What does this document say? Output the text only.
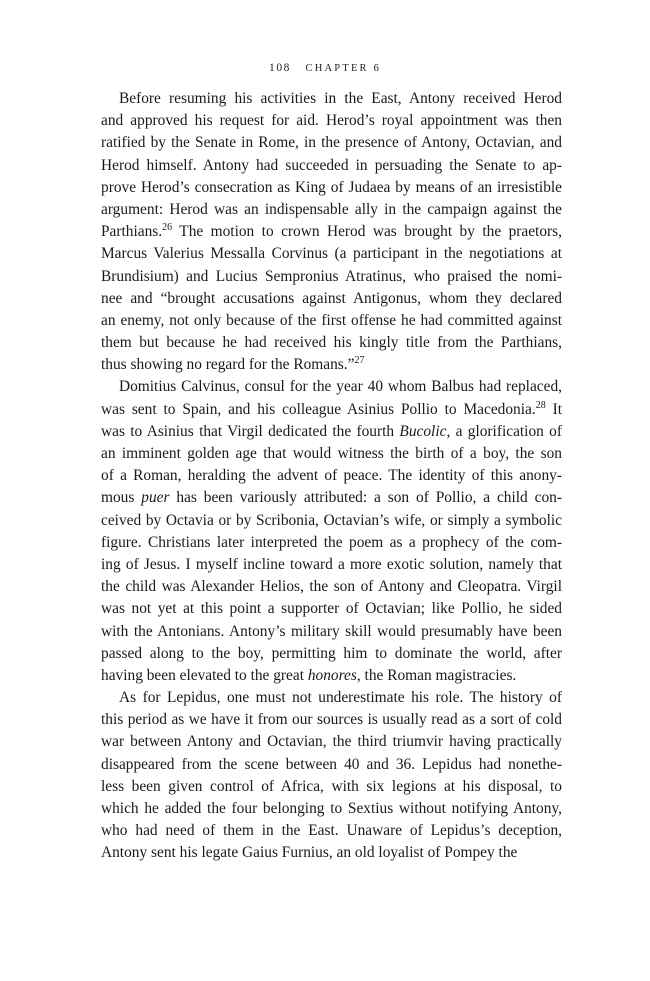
108 CHAPTER 6
Before resuming his activities in the East, Antony received Herod
and approved his request for aid. Herod’s royal appointment was then
ratified by the Senate in Rome, in the presence of Antony, Octavian, and
Herod himself. Antony had succeeded in persuading the Senate to ap-
prove Herod’s consecration as King of Judaea by means of an irresistible
argument: Herod was an indispensable ally in the campaign against the
Parthians.$^{26}$ The motion to crown Herod was brought by the praetors,
Marcus Valerius Messalla Corvinus (a participant in the negotiations at
Brundisium) and Lucius Sempronius Atratinus, who praised the nomi-
nee and “brought accusations against Antigonus, whom they declared
an enemy, not only because of the first offense he had committed against
them but because he had received his kingly title from the Parthians,
thus showing no regard for the Romans.”$^{27}$
Domitius Calvinus, consul for the year 40 whom Balbus had replaced,
was sent to Spain, and his colleague Asinius Pollio to Macedonia.$^{28}$ It
was to Asinius that Virgil dedicated the fourth Bucolic, a glorification of
an imminent golden age that would witness the birth of a boy, the son
of a Roman, heralding the advent of peace. The identity of this anony-
mous puer has been variously attributed: a son of Pollio, a child con-
ceived by Octavia or by Scribonia, Octavian’s wife, or simply a symbolic
figure. Christians later interpreted the poem as a prophecy of the com-
ing of Jesus. I myself incline toward a more exotic solution, namely that
the child was Alexander Helios, the son of Antony and Cleopatra. Virgil
was not yet at this point a supporter of Octavian; like Pollio, he sided
with the Antonians. Antony’s military skill would presumably have been
passed along to the boy, permitting him to dominate the world, after
having been elevated to the great honores, the Roman magistracies.
As for Lepidus, one must not underestimate his role. The history of
this period as we have it from our sources is usually read as a sort of cold
war between Antony and Octavian, the third triumvir having practically
disappeared from the scene between 40 and 36. Lepidus had nonethe-
less been given control of Africa, with six legions at his disposal, to
which he added the four belonging to Sextius without notifying Antony,
who had need of them in the East. Unaware of Lepidus’s deception,
Antony sent his legate Gaius Furnius, an old loyalist of Pompey the
